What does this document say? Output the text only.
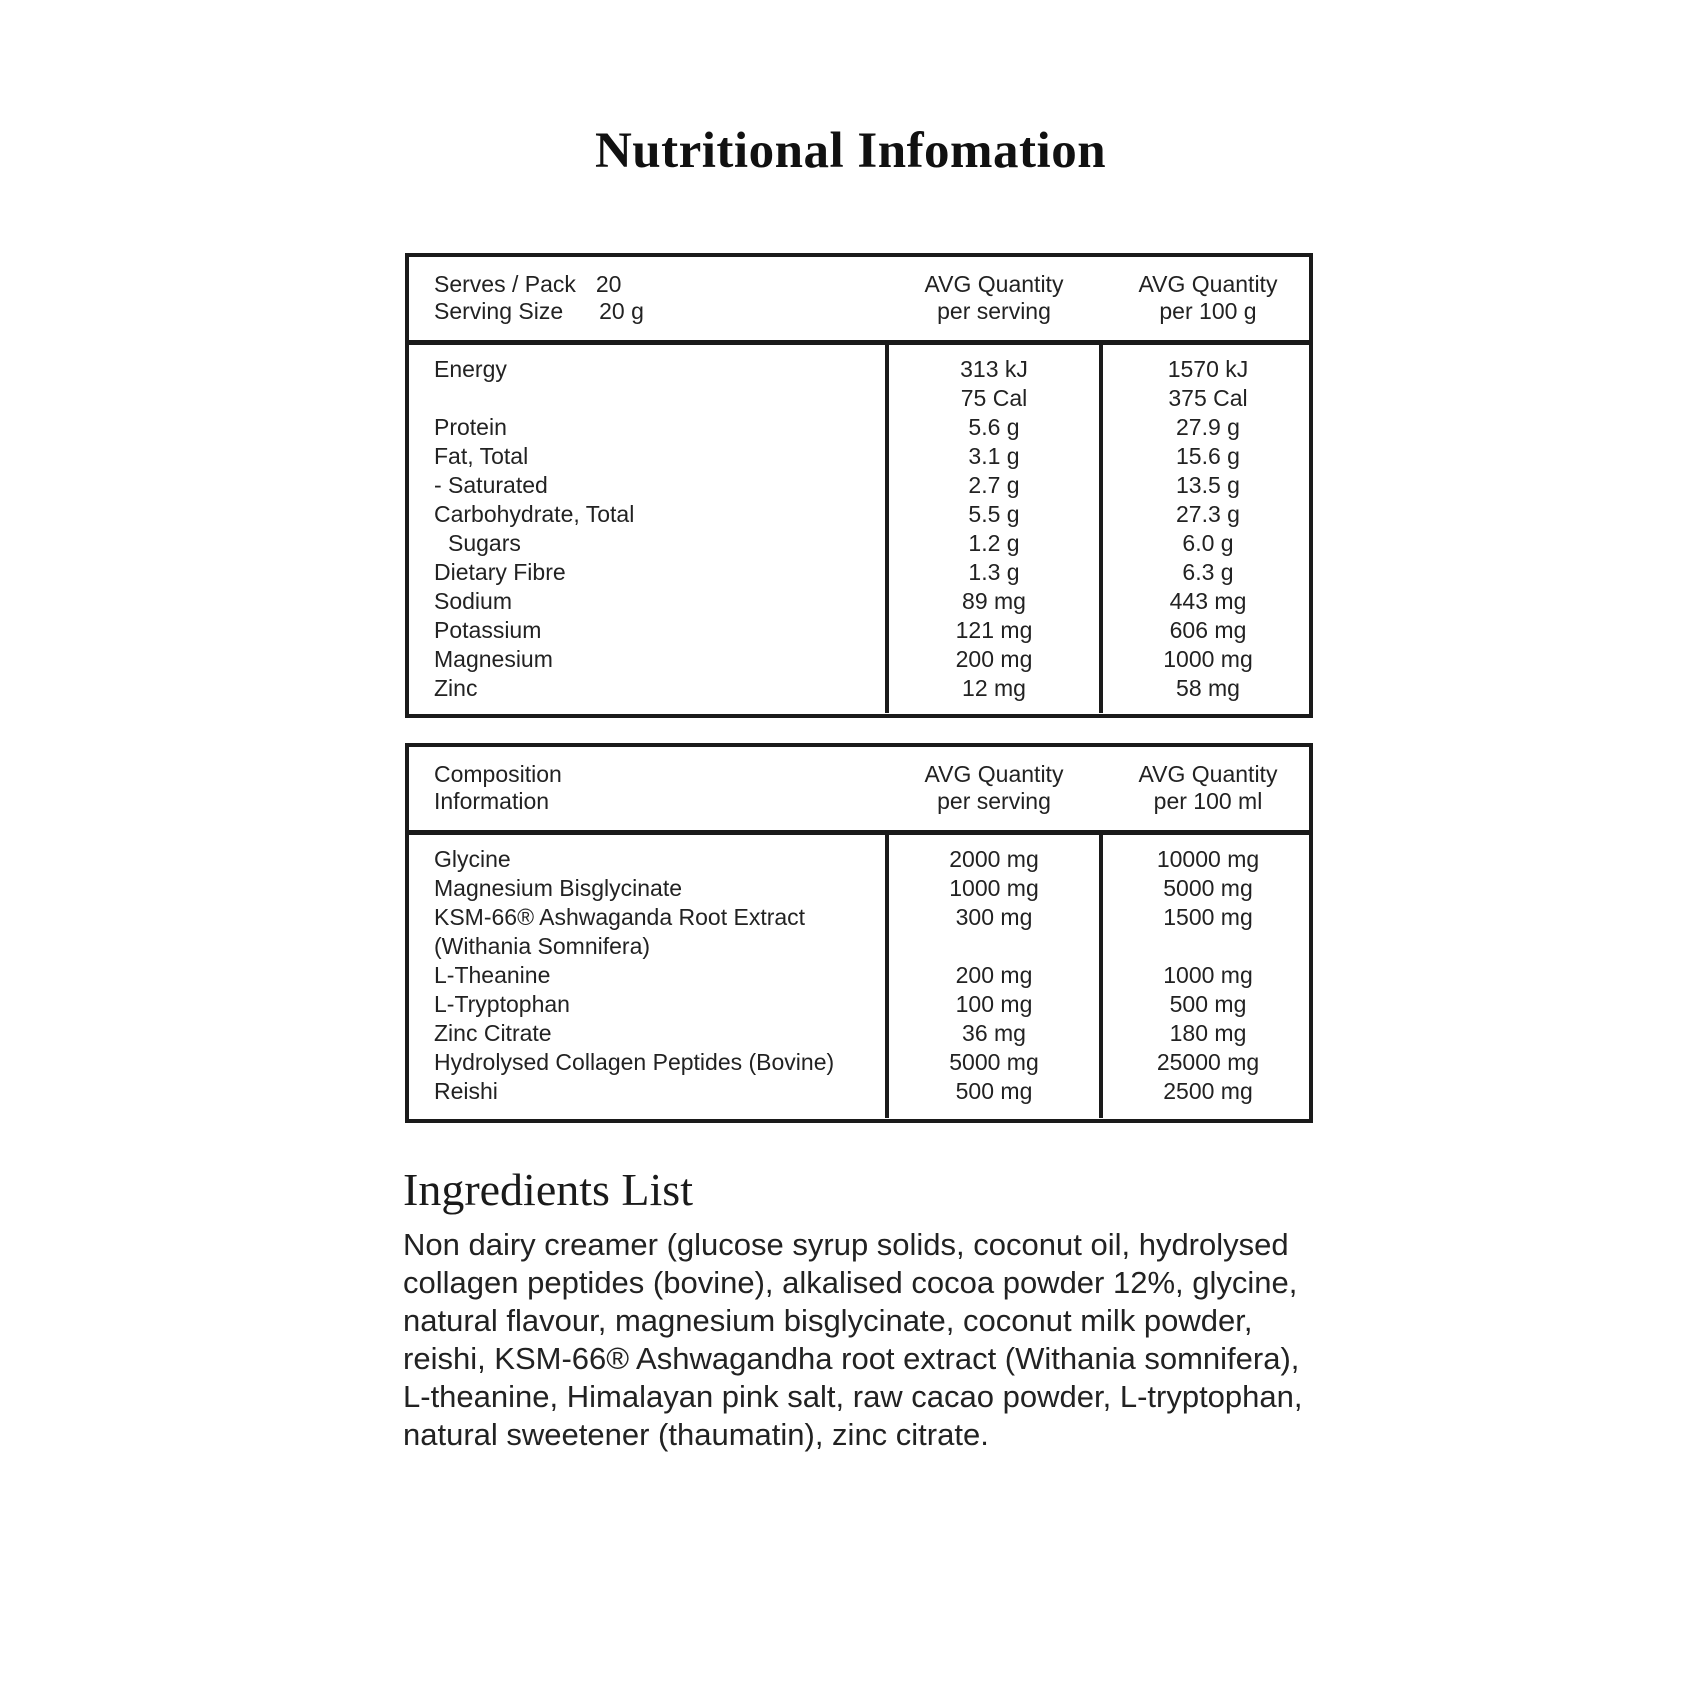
Nutritional Infomation
Serves / Pack 20
Serving Size 20 g
AVG Quantity
per serving
AVG Quantity
per 100 g
Energy
Protein
Fat, Total
- Saturated
Carbohydrate, Total
Sugars
Dietary Fibre
Sodium
Potassium
Magnesium
Zinc
313 kJ
75 Cal
5.6 g
3.1 g
2.7 g
5.5 g
1.2 g
1.3 g
89 mg
121 mg
200 mg
12 mg
1570 kJ
375 Cal
27.9 g
15.6 g
13.5 g
27.3 g
6.0 g
6.3 g
443 mg
606 mg
1000 mg
58 mg
Composition
Information
AVG Quantity
per serving
AVG Quantity
per 100 ml
Glycine
Magnesium Bisglycinate
KSM-66® Ashwaganda Root Extract
(Withania Somnifera)
L-Theanine
L-Tryptophan
Zinc Citrate
Hydrolysed Collagen Peptides (Bovine)
Reishi
2000 mg
1000 mg
300 mg
200 mg
100 mg
36 mg
5000 mg
500 mg
10000 mg
5000 mg
1500 mg
1000 mg
500 mg
180 mg
25000 mg
2500 mg
Ingredients List
Non dairy creamer (glucose syrup solids, coconut oil, hydrolysed collagen peptides (bovine), alkalised cocoa powder 12%, glycine, natural flavour, magnesium bisglycinate, coconut milk powder, reishi, KSM-66® Ashwagandha root extract (Withania somnifera), L-theanine, Himalayan pink salt, raw cacao powder, L-tryptophan, natural sweetener (thaumatin), zinc citrate.
